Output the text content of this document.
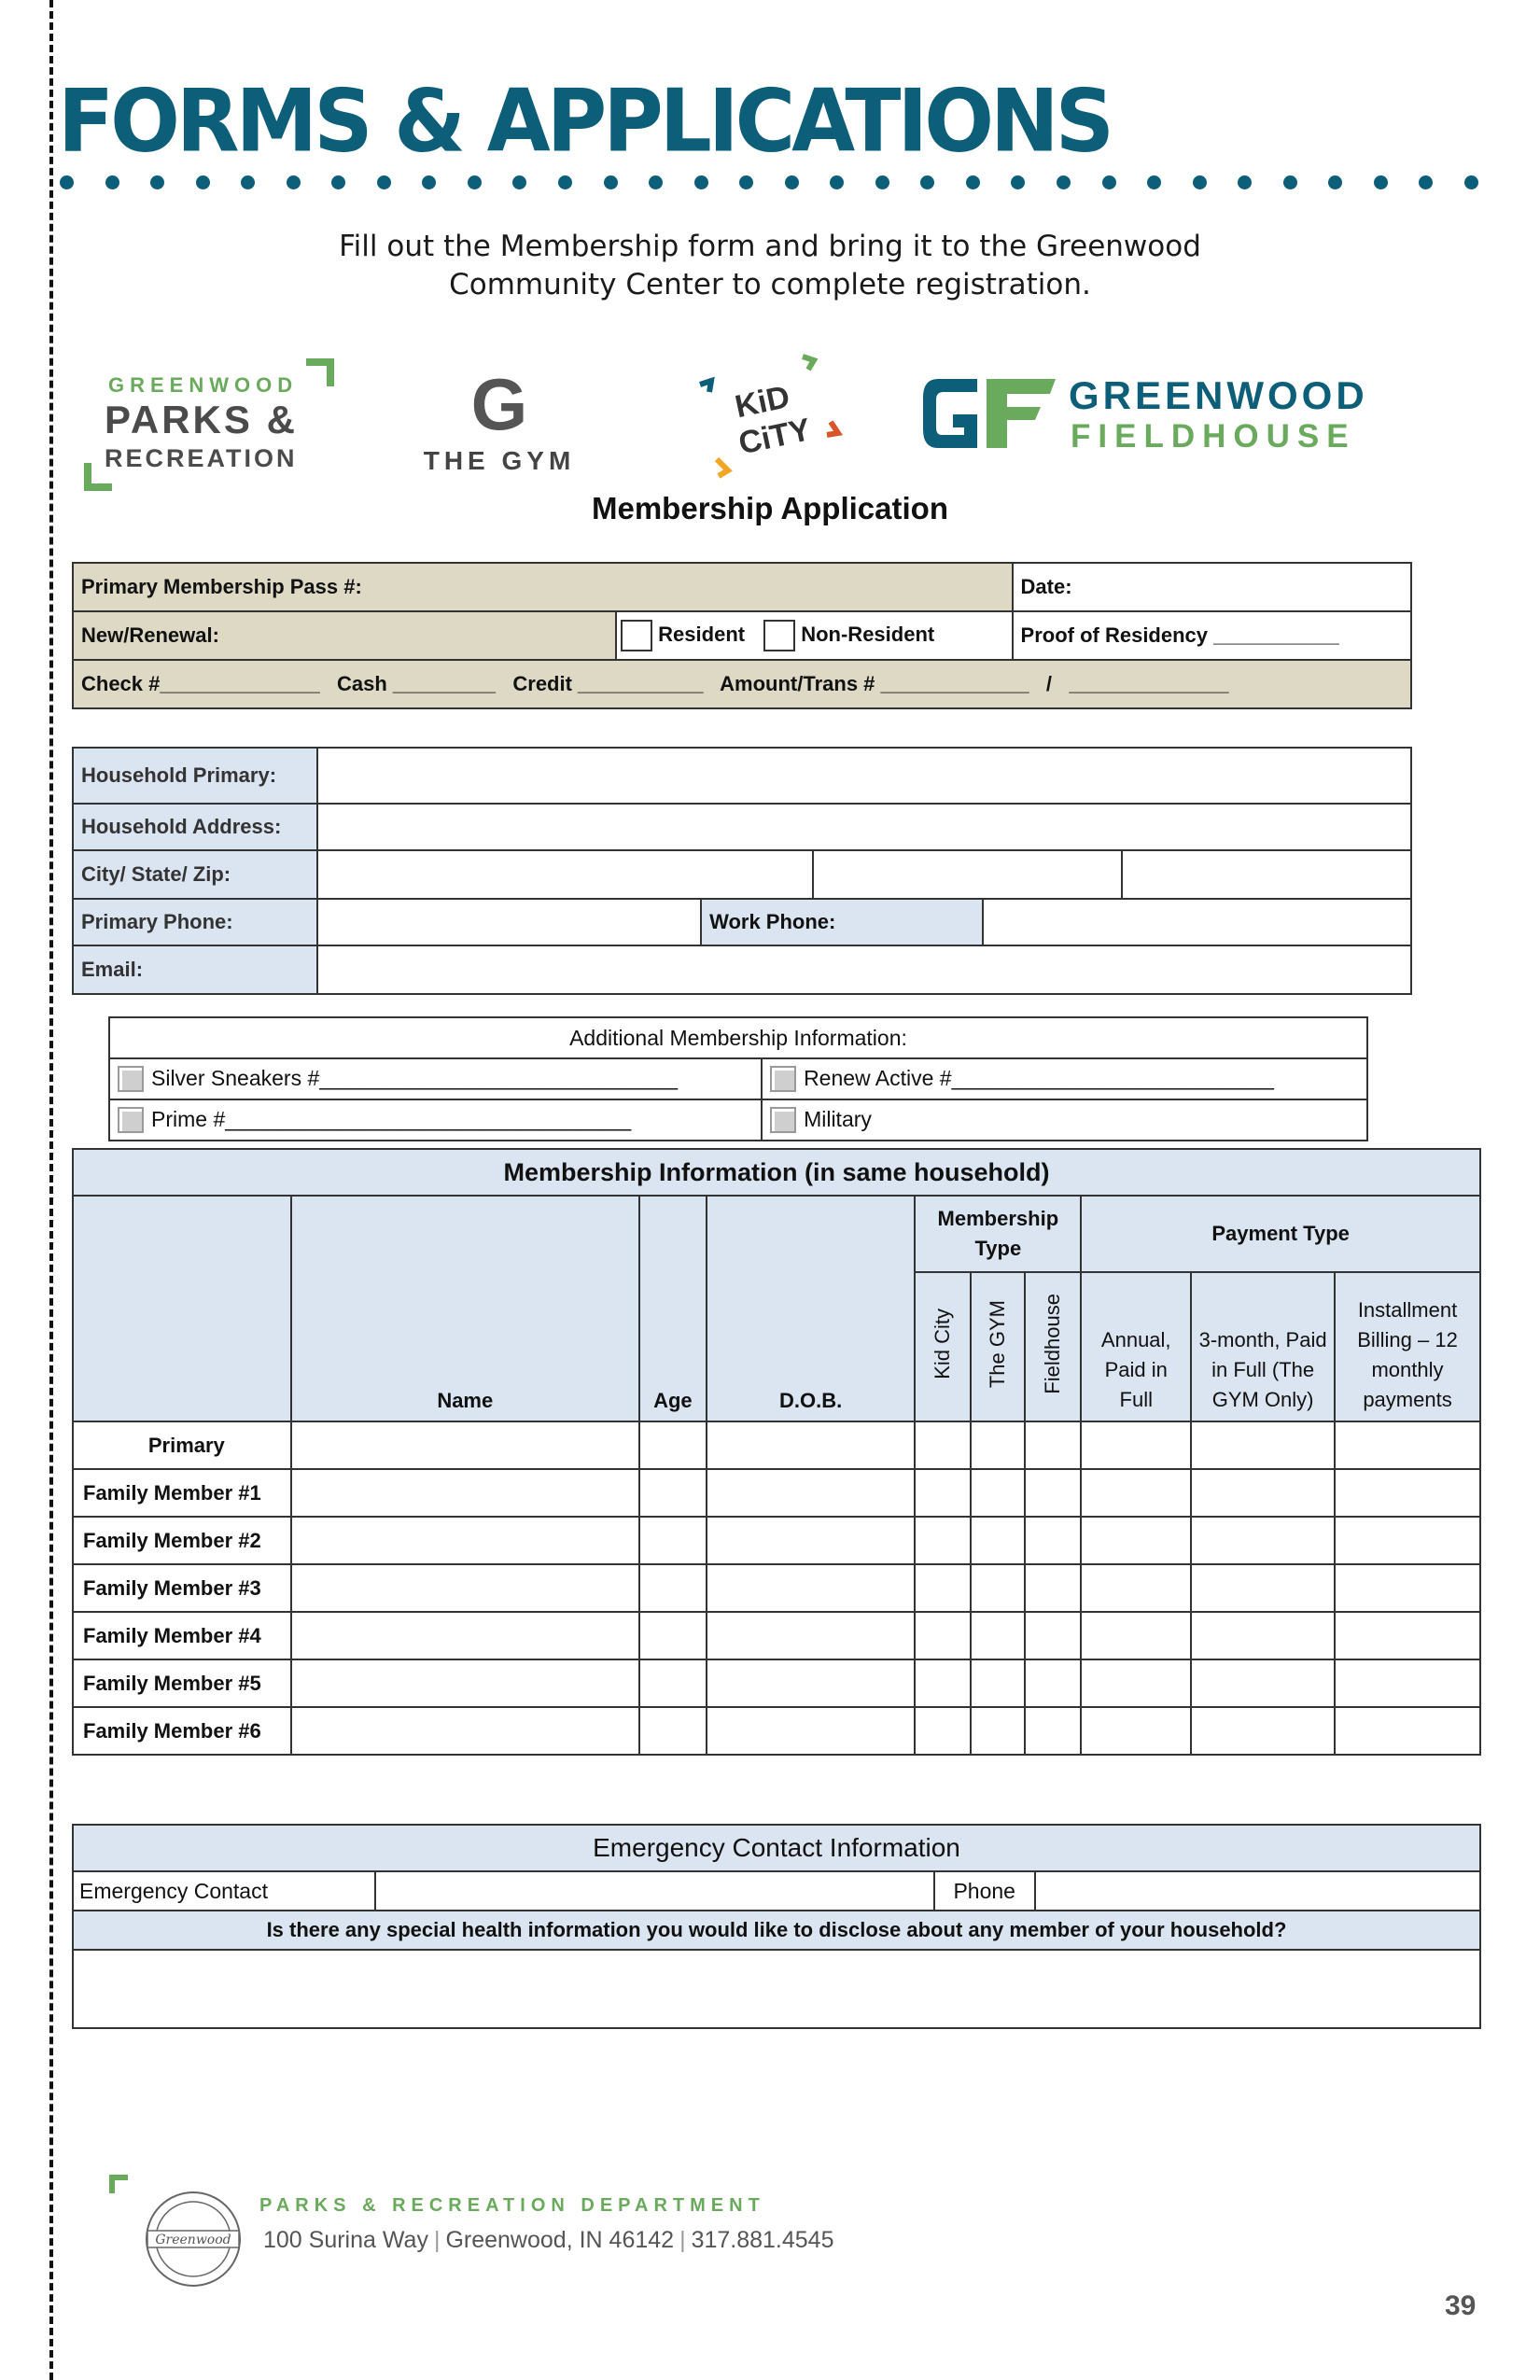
FORMS & APPLICATIONS
Fill out the Membership form and bring it to the Greenwood
Community Center to complete registration.
GREENWOOD
PARKS &
RECREATION
G
THE GYM
KiD
CiTY
GREENWOOD
FIELDHOUSE
Membership Application
Primary Membership Pass #:		Date:
New/Renewal:	Resident Non-Resident	Proof of Residency ___________
Check #______________   Cash _________   Credit ___________   Amount/Trans # _____________   /   ______________		
Household Primary:					
Household Address:					
City/ State/ Zip:					
Primary Phone:		Work Phone:			
Email:					
Additional Membership Information:	
Silver Sneakers #______________________________	Renew Active #___________________________
Prime #__________________________________	Military
Membership Information (in same household)									
	Name	Age	D.O.B.	Membership Type			Payment Type		
				Kid City	The GYM	Fieldhouse	Annual, Paid in Full	3-month, Paid in Full (The GYM Only)	Installment Billing – 12 monthly payments
Primary									
Family Member #1									
Family Member #2									
Family Member #3									
Family Member #4									
Family Member #5									
Family Member #6									
Emergency Contact Information
Emergency Contact		Phone	
Is there any special health information you would like to disclose about any member of your household?

Greenwood
PARKS & RECREATION DEPARTMENT
100 Surina Way | Greenwood, IN 46142 | 317.881.4545
39
